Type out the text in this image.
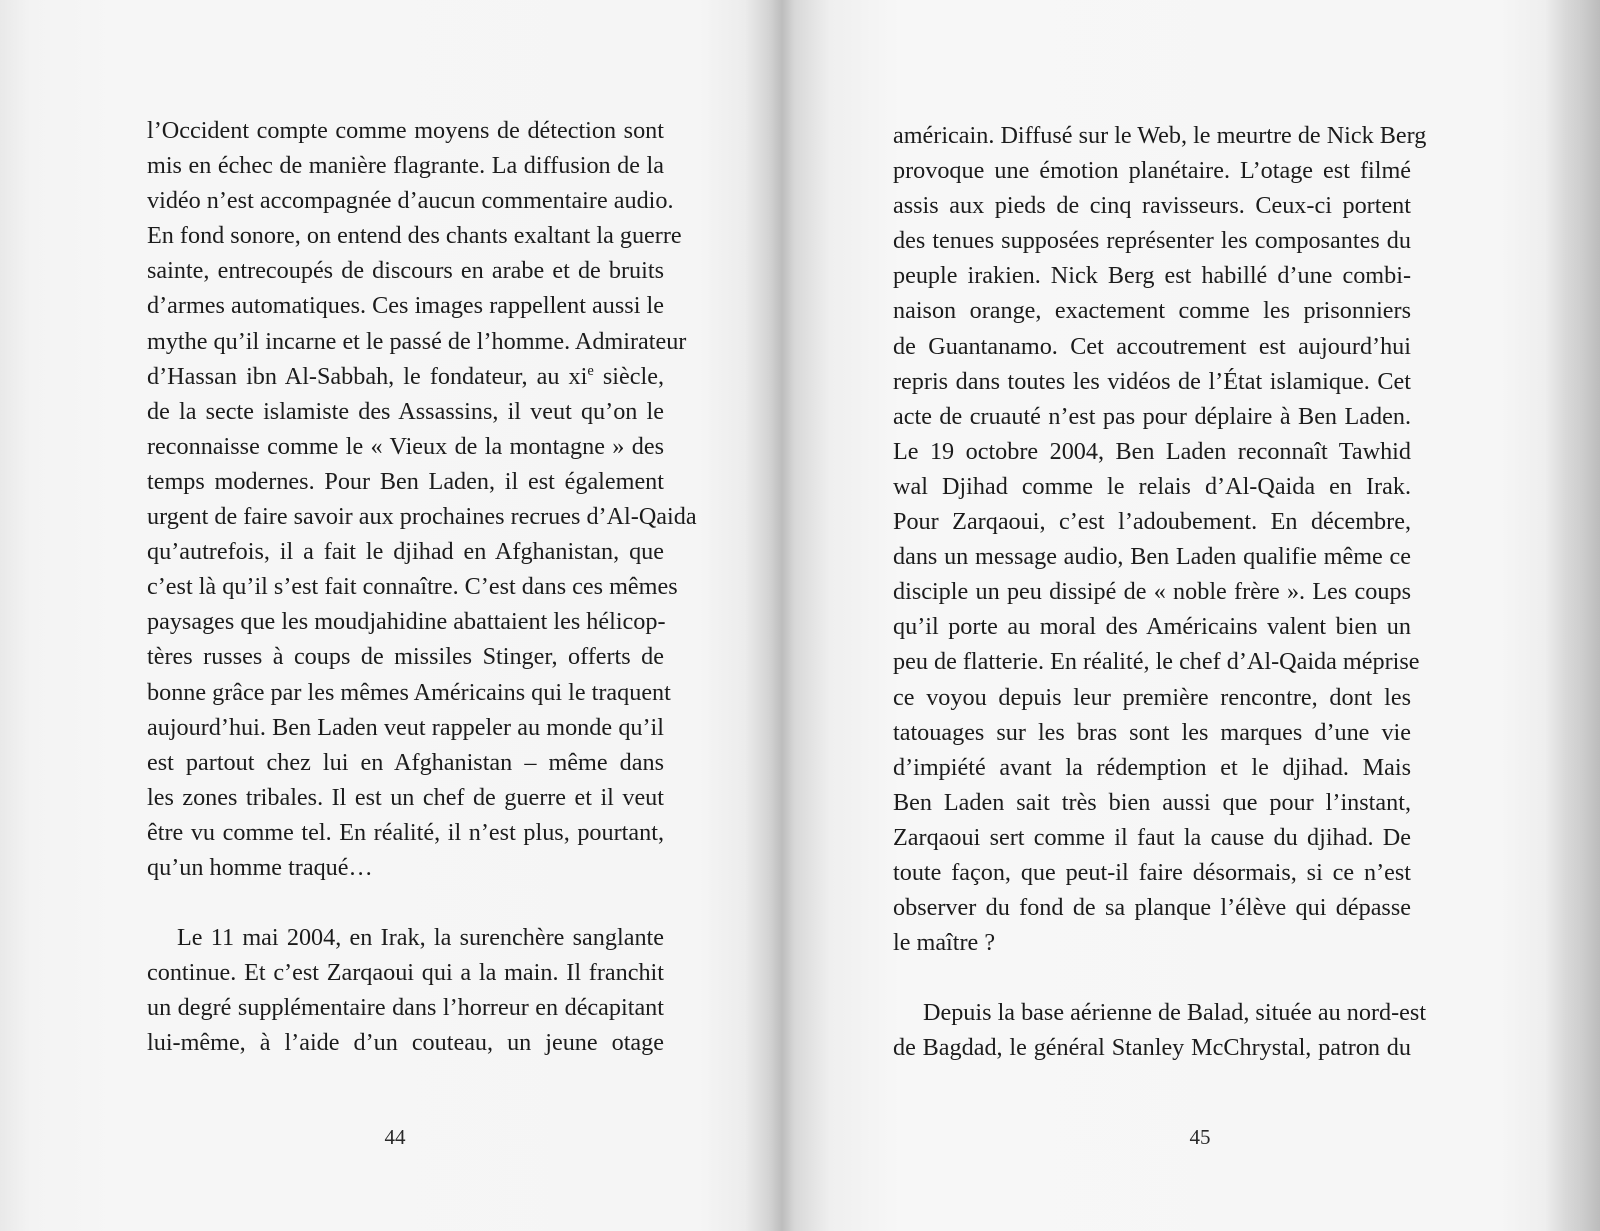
l’Occident compte comme moyens de détection sont
mis en échec de manière flagrante. La diffusion de la
vidéo n’est accompagnée d’aucun commentaire audio.
En fond sonore, on entend des chants exaltant la guerre
sainte, entrecoupés de discours en arabe et de bruits
d’armes automatiques. Ces images rappellent aussi le
mythe qu’il incarne et le passé de l’homme. Admirateur
d’Hassan ibn Al-Sabbah, le fondateur, au $xi^e$ siècle,
de la secte islamiste des Assassins, il veut qu’on le
reconnaisse comme le « Vieux de la montagne » des
temps modernes. Pour Ben Laden, il est également
urgent de faire savoir aux prochaines recrues d’Al-Qaida
qu’autrefois, il a fait le djihad en Afghanistan, que
c’est là qu’il s’est fait connaître. C’est dans ces mêmes
paysages que les moudjahidine abattaient les hélicop-
tères russes à coups de missiles Stinger, offerts de
bonne grâce par les mêmes Américains qui le traquent
aujourd’hui. Ben Laden veut rappeler au monde qu’il
est partout chez lui en Afghanistan – même dans
les zones tribales. Il est un chef de guerre et il veut
être vu comme tel. En réalité, il n’est plus, pourtant,
qu’un homme traqué…
Le 11 mai 2004, en Irak, la surenchère sanglante
continue. Et c’est Zarqaoui qui a la main. Il franchit
un degré supplémentaire dans l’horreur en décapitant
lui-même, à l’aide d’un couteau, un jeune otage
44
américain. Diffusé sur le Web, le meurtre de Nick Berg
provoque une émotion planétaire. L’otage est filmé
assis aux pieds de cinq ravisseurs. Ceux-ci portent
des tenues supposées représenter les composantes du
peuple irakien. Nick Berg est habillé d’une combi-
naison orange, exactement comme les prisonniers
de Guantanamo. Cet accoutrement est aujourd’hui
repris dans toutes les vidéos de l’État islamique. Cet
acte de cruauté n’est pas pour déplaire à Ben Laden.
Le 19 octobre 2004, Ben Laden reconnaît Tawhid
wal Djihad comme le relais d’Al-Qaida en Irak.
Pour Zarqaoui, c’est l’adoubement. En décembre,
dans un message audio, Ben Laden qualifie même ce
disciple un peu dissipé de « noble frère ». Les coups
qu’il porte au moral des Américains valent bien un
peu de flatterie. En réalité, le chef d’Al-Qaida méprise
ce voyou depuis leur première rencontre, dont les
tatouages sur les bras sont les marques d’une vie
d’impiété avant la rédemption et le djihad. Mais
Ben Laden sait très bien aussi que pour l’instant,
Zarqaoui sert comme il faut la cause du djihad. De
toute façon, que peut-il faire désormais, si ce n’est
observer du fond de sa planque l’élève qui dépasse
le maître ?
Depuis la base aérienne de Balad, située au nord-est
de Bagdad, le général Stanley McChrystal, patron du
45
